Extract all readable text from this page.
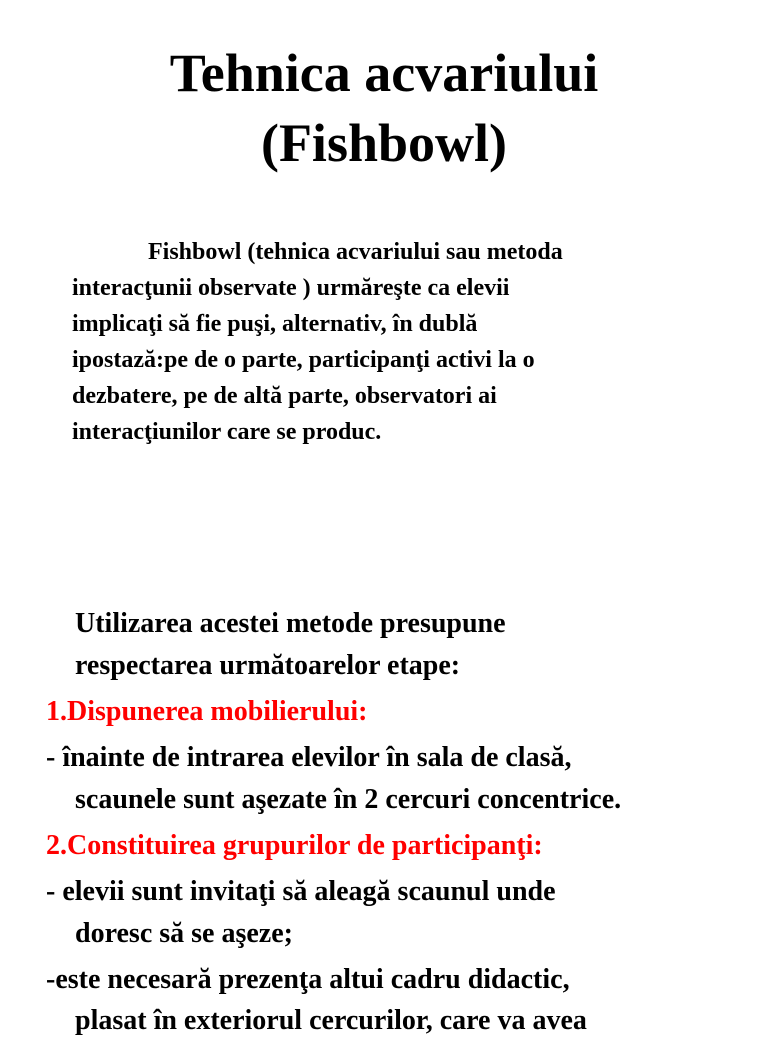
Tehnica acvariului
(Fishbowl)

Fishbowl (tehnica acvariului sau metoda
interacţunii observate ) urmăreşte ca elevii
implicaţi să fie puşi, alternativ, în dublă
ipostază:pe de o parte, participanţi activi la o
dezbatere, pe de altă parte, observatori ai
interacţiunilor care se produc.

Utilizarea acestei metode presupune
respectarea următoarelor etape:
1.Dispunerea mobilierului:
- înainte de intrarea elevilor în sala de clasă,
scaunele sunt aşezate în 2 cercuri concentrice.
2.Constituirea grupurilor de participanţi:
- elevii sunt invitaţi să aleagă scaunul unde
doresc să se aşeze;
-este necesară prezenţa altui cadru didactic,
plasat în exteriorul cercurilor, care va avea
